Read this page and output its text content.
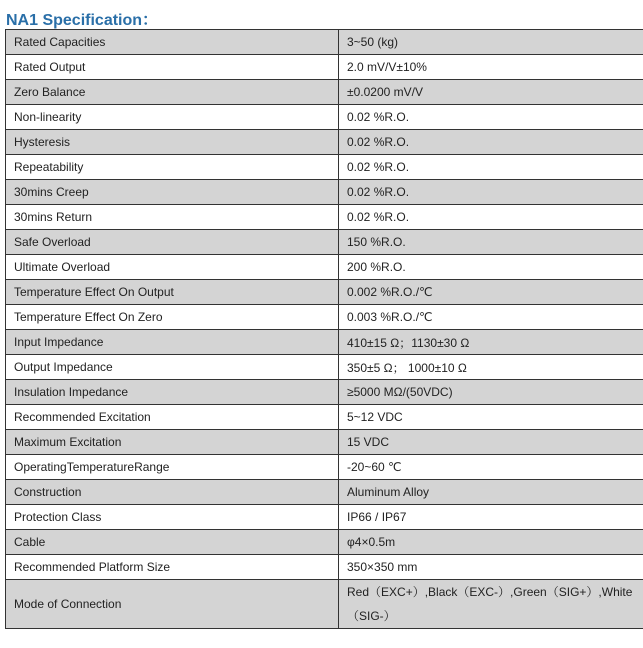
NA1 Specification：
Rated Capacities	3~50 (kg)
Rated Output	2.0 mV/V±10%
Zero Balance	±0.0200 mV/V
Non-linearity	0.02 %R.O.
Hysteresis	0.02 %R.O.
Repeatability	0.02 %R.O.
30mins Creep	0.02 %R.O.
30mins Return	0.02 %R.O.
Safe Overload	150 %R.O.
Ultimate Overload	200 %R.O.
Temperature Effect On Output	0.002 %R.O./℃
Temperature Effect On Zero	0.003 %R.O./℃
Input Impedance	410±15 Ω；1130±30 Ω
Output Impedance	350±5 Ω； 1000±10 Ω
Insulation Impedance	≥5000 MΩ/(50VDC)
Recommended Excitation	5~12 VDC
Maximum Excitation	15 VDC
OperatingTemperatureRange	-20~60 ℃
Construction	Aluminum Alloy
Protection Class	IP66 / IP67
Cable	φ4×0.5m
Recommended Platform Size	350×350 mm
Mode of Connection	Red（EXC+）,Black（EXC-）,Green（SIG+）,White（SIG-）
